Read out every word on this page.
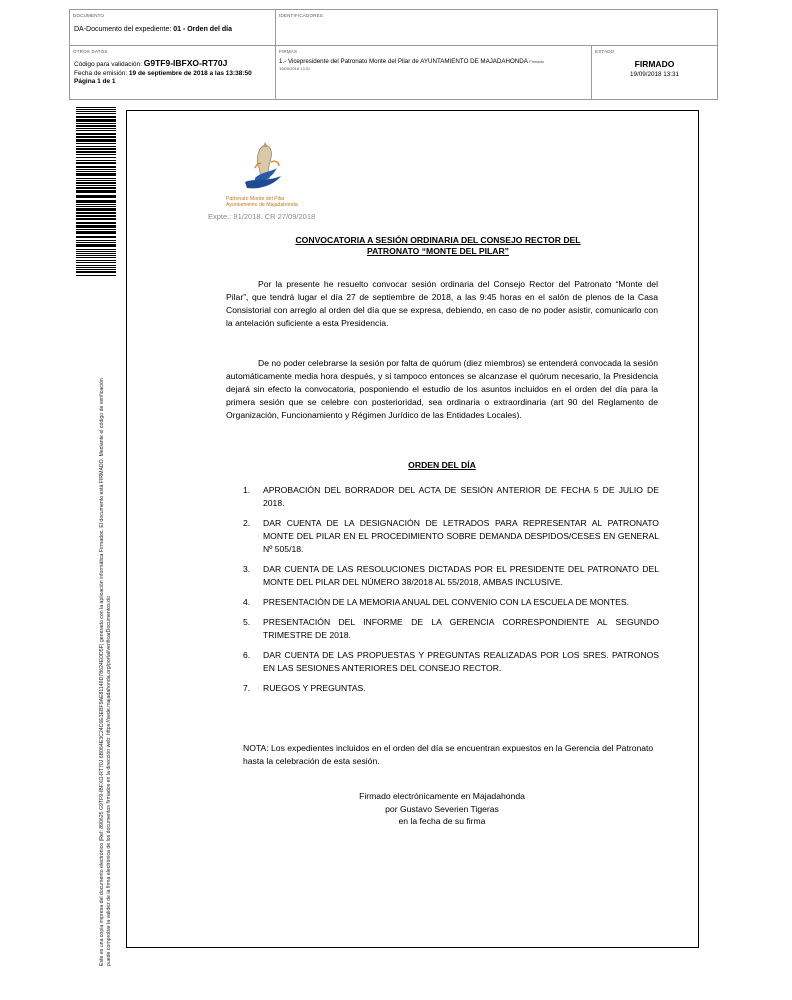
DOCUMENTO
DA-Documento del expediente: 01 - Orden del día
IDENTIFICADORES
OTROS DATOS
Código para validación: G9TF9-IBFXO-RT70J
Fecha de emisión: 19 de septiembre de 2018 a las 13:38:50
Página 1 de 1
FIRMAS
1.- Vicepresidente del Patronato Monte del Pilar de AYUNTAMIENTO DE MAJADAHONDA Firmado
19/09/2018 13:31
ESTADO
FIRMADO
19/09/2018 13:31
Este es una copia impresa del documento electrónico (Ref: 890625 G9TF9-IBFXO-RT70J 6B064E3C24C6E3EBF9AE81149D78624EDD5F) generado con la aplicación informática Firmadoc. El documento está FIRMADO. Mediante el código de verificación puede comprobar la validez de la firma electrónica de los documentos firmados en la dirección web: https://sede.majadahonda.org/portal/verificarDocumentos.do
Patronato Monte del Pilar
Ayuntamiento de Majadahonda
Expte.: 81/2018. CR 27/09/2018
CONVOCATORIA A SESIÓN ORDINARIA DEL CONSEJO RECTOR DEL
PATRONATO “MONTE DEL PILAR”
Por la presente he resuelto convocar sesión ordinaria del Consejo Rector del Patronato “Monte del Pilar”, que tendrá lugar el día 27 de septiembre de 2018, a las 9:45 horas en el salón de plenos de la Casa Consistorial con arreglo al orden del día que se expresa, debiendo, en caso de no poder asistir, comunicarlo con la antelación suficiente a esta Presidencia.
De no poder celebrarse la sesión por falta de quórum (diez miembros) se entenderá convocada la sesión automáticamente media hora después, y si tampoco entonces se alcanzase el quórum necesario, la Presidencia dejará sin efecto la convocatoria, posponiendo el estudio de los asuntos incluidos en el orden del día para la primera sesión que se celebre con posterioridad, sea ordinaria o extraordinaria (art 90 del Reglamento de Organización, Funcionamiento y Régimen Jurídico de las Entidades Locales).
ORDEN DEL DÍA
1. APROBACIÓN DEL BORRADOR DEL ACTA DE SESIÓN ANTERIOR DE FECHA 5 DE JULIO DE 2018.
2. DAR CUENTA DE LA DESIGNACIÓN DE LETRADOS PARA REPRESENTAR AL PATRONATO MONTE DEL PILAR EN EL PROCEDIMIENTO SOBRE DEMANDA DESPIDOS/CESES EN GENERAL Nº 505/18.
3. DAR CUENTA DE LAS RESOLUCIONES DICTADAS POR EL PRESIDENTE DEL PATRONATO DEL MONTE DEL PILAR DEL NÚMERO 38/2018 AL 55/2018, AMBAS INCLUSIVE.
4. PRESENTACIÓN DE LA MEMORIA ANUAL DEL CONVENIO CON LA ESCUELA DE MONTES.
5. PRESENTACIÓN DEL INFORME DE LA GERENCIA CORRESPONDIENTE AL SEGUNDO TRIMESTRE DE 2018.
6. DAR CUENTA DE LAS PROPUESTAS Y PREGUNTAS REALIZADAS POR LOS SRES. PATRONOS EN LAS SESIONES ANTERIORES DEL CONSEJO RECTOR.
7. RUEGOS Y PREGUNTAS.
NOTA: Los expedientes incluidos en el orden del día se encuentran expuestos en la Gerencia del Patronato hasta la celebración de esta sesión.
Firmado electrónicamente en Majadahonda
por Gustavo Severien Tigeras
en la fecha de su firma
